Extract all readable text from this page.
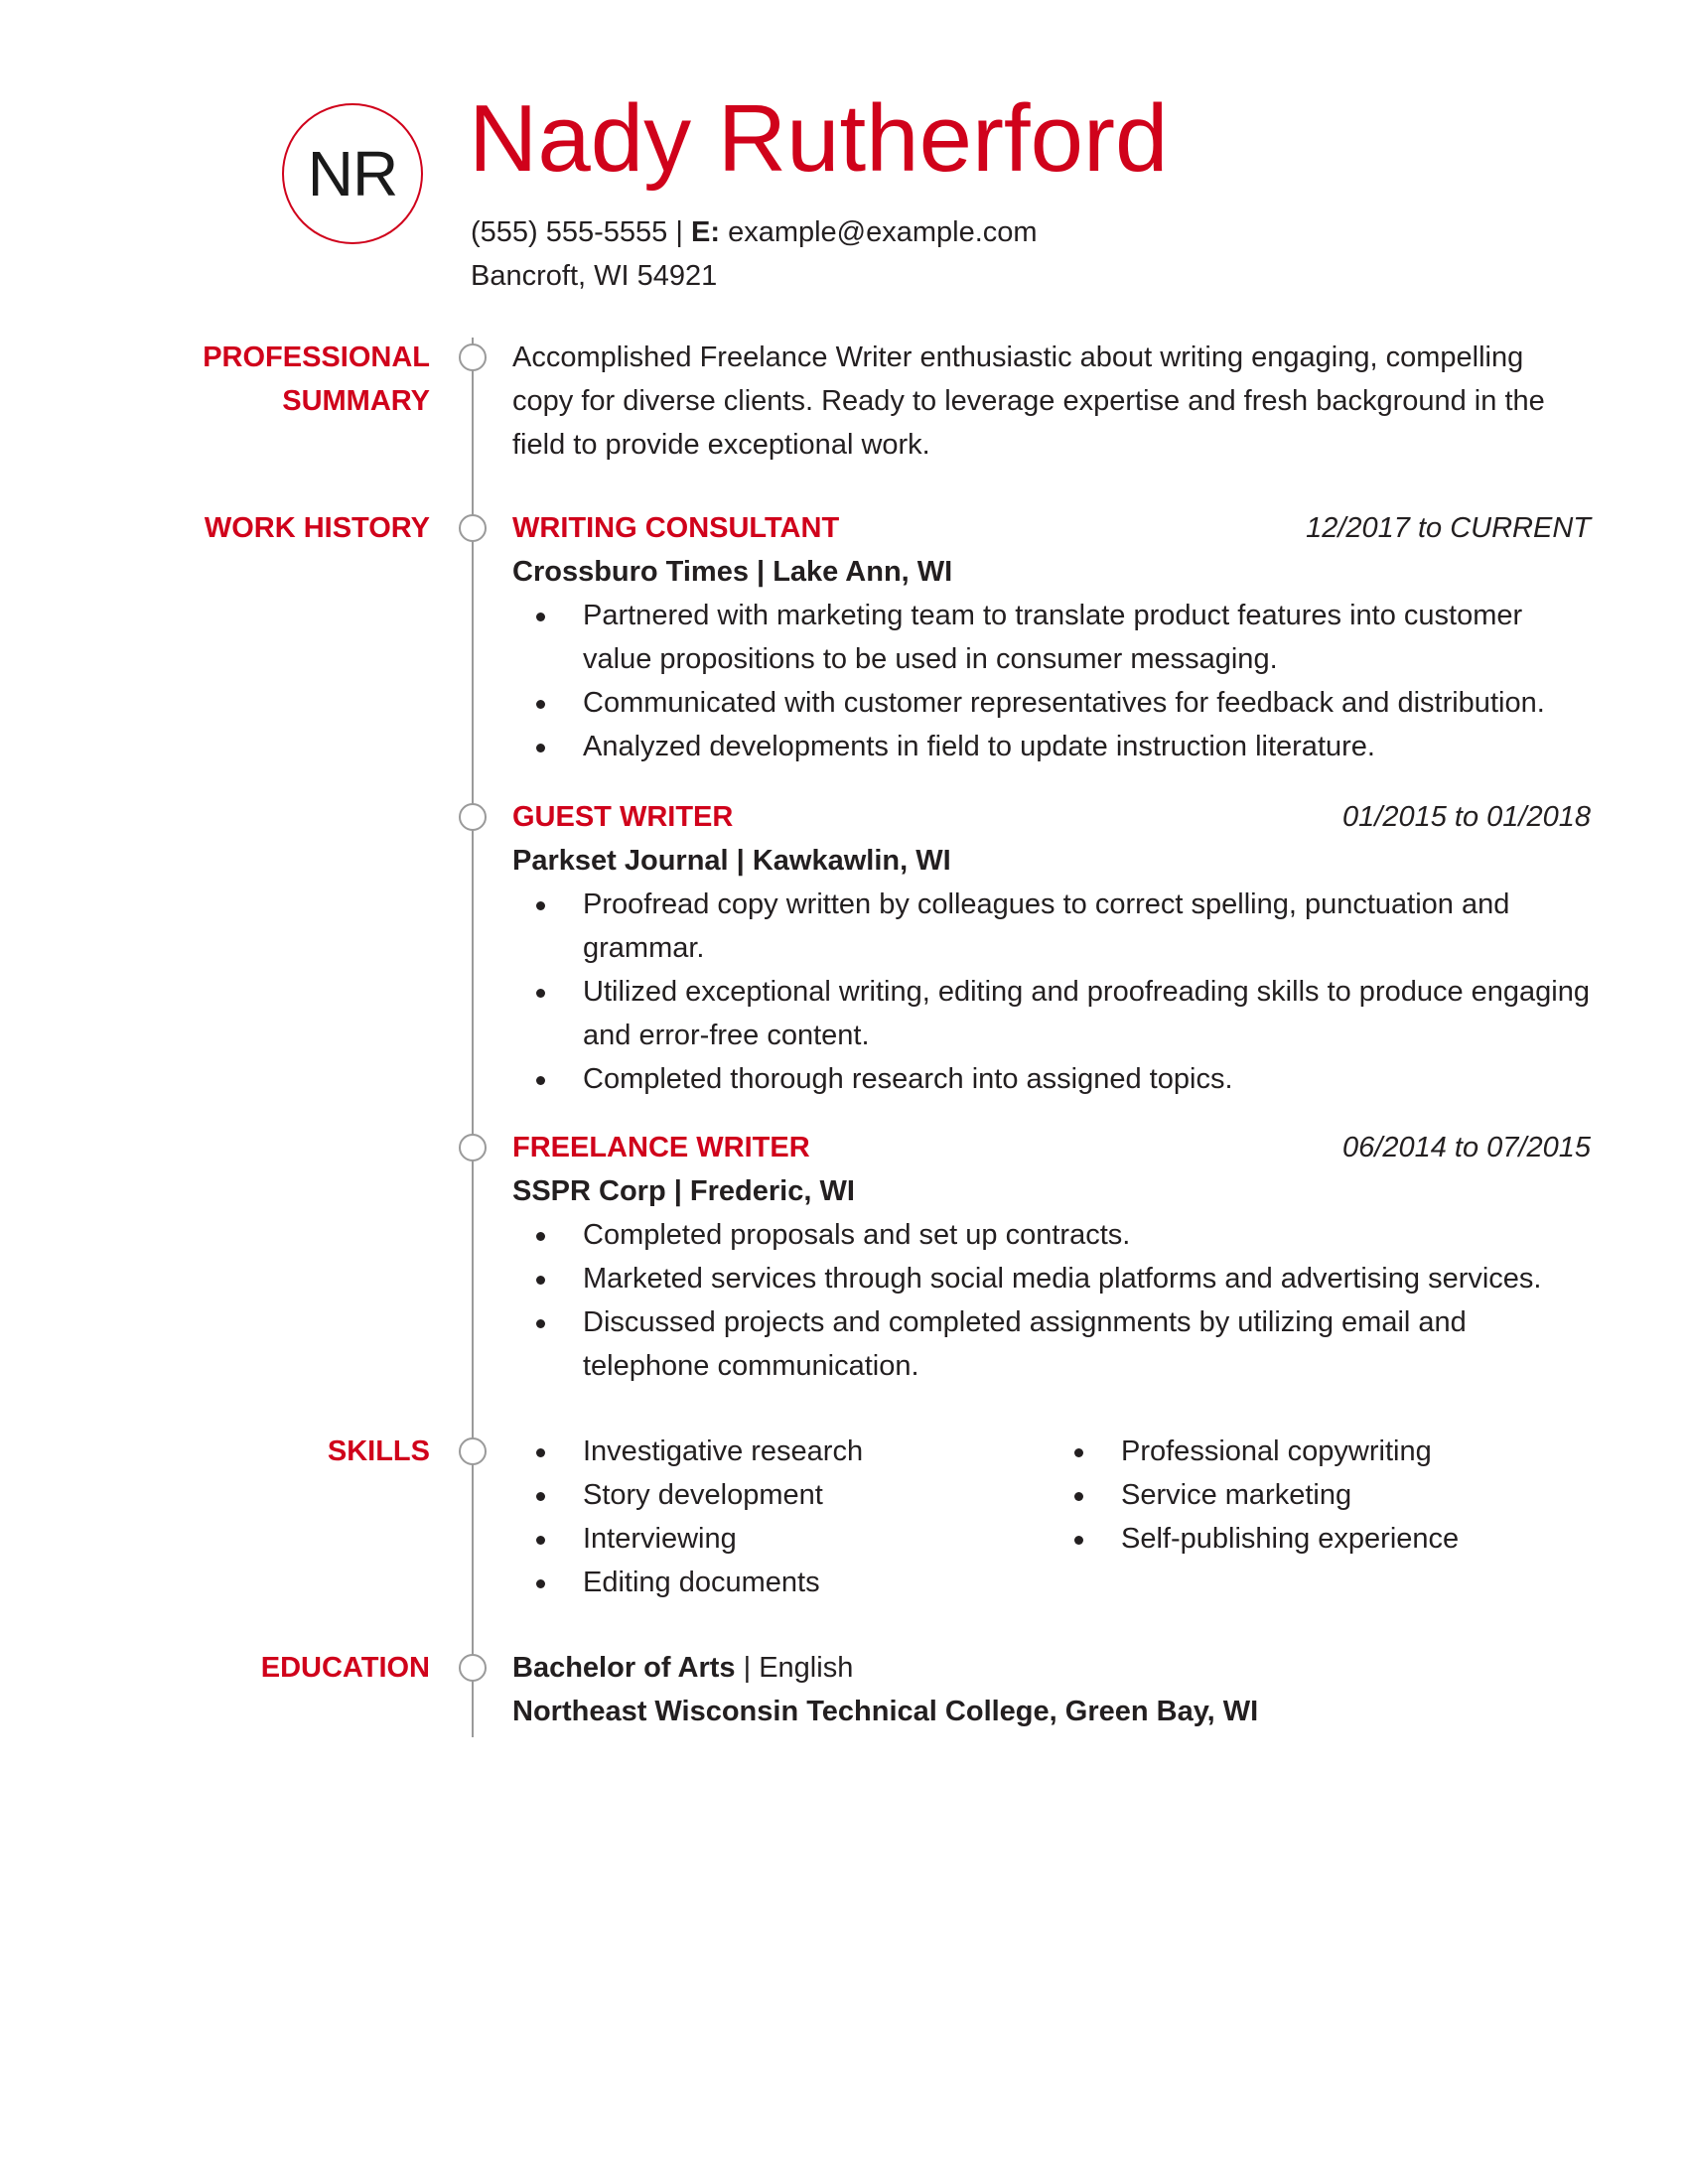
NR Nady Rutherford
(555) 555-5555 | E: example@example.com
Bancroft, WI 54921
PROFESSIONAL
SUMMARY
Accomplished Freelance Writer enthusiastic about writing engaging, compelling copy for diverse clients. Ready to leverage expertise and fresh background in the field to provide exceptional work.
WORK HISTORY	WRITING CONSULTANT	12/2017 to CURRENT
Crossburo Times | Lake Ann, WI
Partnered with marketing team to translate product features into customer value propositions to be used in consumer messaging.
Communicated with customer representatives for feedback and distribution.
Analyzed developments in field to update instruction literature.
GUEST WRITER	01/2015 to 01/2018
Parkset Journal | Kawkawlin, WI
Proofread copy written by colleagues to correct spelling, punctuation and grammar.
Utilized exceptional writing, editing and proofreading skills to produce engaging and error-free content.
Completed thorough research into assigned topics.
FREELANCE WRITER	06/2014 to 07/2015
SSPR Corp | Frederic, WI
Completed proposals and set up contracts.
Marketed services through social media platforms and advertising services.
Discussed projects and completed assignments by utilizing email and telephone communication.
SKILLS	Investigative research
Story development
Interviewing
Editing documents
Professional copywriting
Service marketing
Self-publishing experience
EDUCATION	Bachelor of Arts | English
Northeast Wisconsin Technical College, Green Bay, WI
